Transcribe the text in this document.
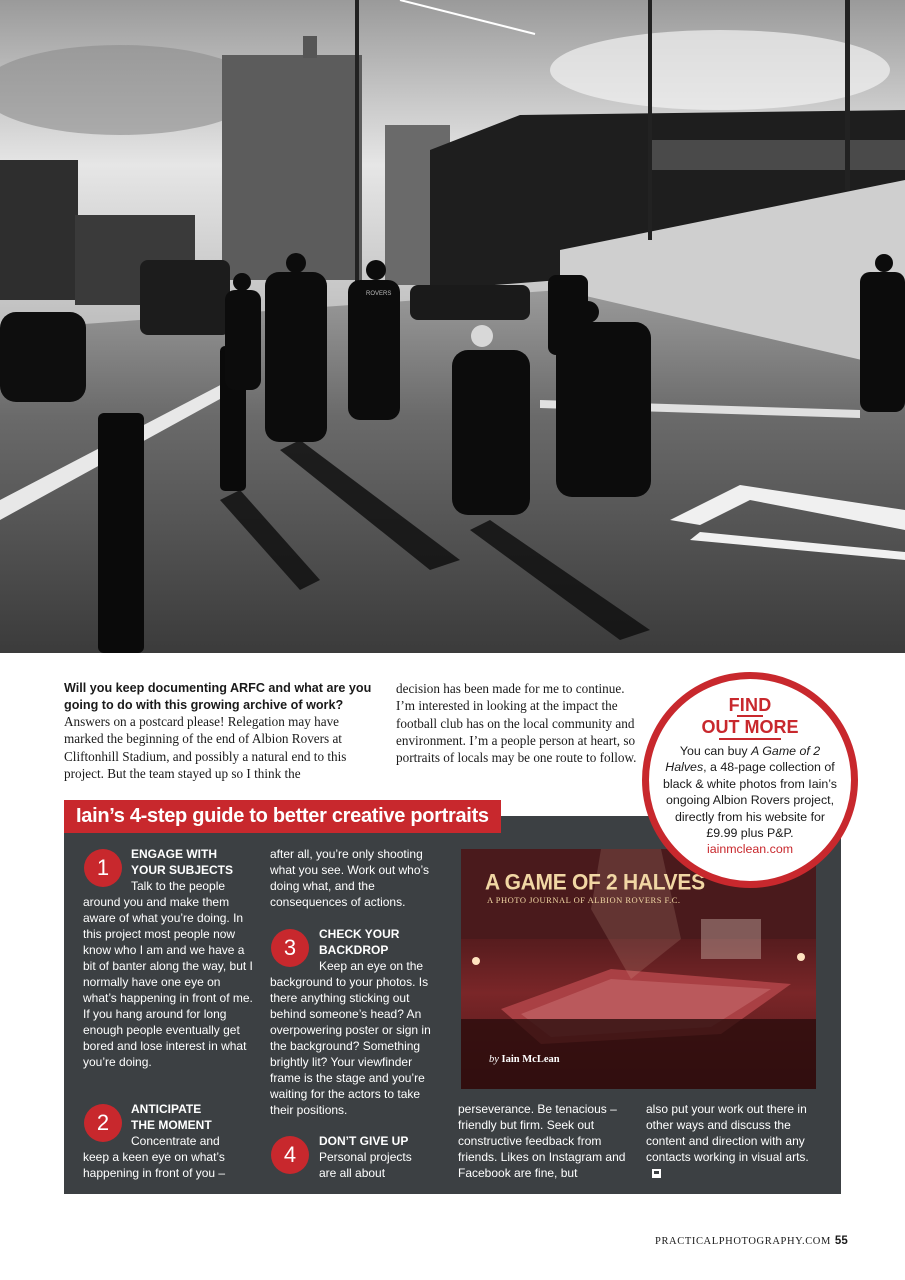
ROVERS
Will you keep documenting ARFC and what are you going to do with this growing archive of work?
Answers on a postcard please! Relegation may have marked the beginning of the end of Albion Rovers at Cliftonhill Stadium, and possibly a natural end to this project. But the team stayed up so I think the
decision has been made for me to continue. I’m interested in looking at the impact the football club has on the local community and environment. I’m a people person at heart, so portraits of locals may be one route to follow.
FIND
OUT MORE
You can buy A Game of 2 Halves, a 48-page collection of black & white photos from Iain’s ongoing Albion Rovers project, directly from his website for £9.99 plus P&P.
iainmclean.com
Iain’s 4-step guide to better creative portraits
1
ENGAGE WITH
YOUR SUBJECTS
Talk to the people
around you and make them aware of what you’re doing. In this project most people now know who I am and we have a bit of banter along the way, but I normally have one eye on what’s happening in front of me. If you hang around for long enough people eventually get bored and lose interest in what you’re doing.
2
ANTICIPATE
THE MOMENT
Concentrate and
keep a keen eye on what’s happening in front of you –
after all, you’re only shooting what you see. Work out who’s doing what, and the consequences of actions.
3
CHECK YOUR
BACKDROP
Keep an eye on the
background to your photos. Is there anything sticking out behind someone’s head? An overpowering poster or sign in the background? Something brightly lit? Your viewfinder frame is the stage and you’re waiting for the actors to take their positions.
4
DON’T GIVE UP
Personal projects
are all about
perseverance. Be tenacious – friendly but firm. Seek out constructive feedback from friends. Likes on Instagram and Facebook are fine, but
also put your work out there in other ways and discuss the content and direction with any contacts working in visual arts.
A GAME OF 2 HALVES
A PHOTO JOURNAL OF ALBION ROVERS F.C.
by Iain McLean
PRACTICALPHOTOGRAPHY.COM 55
